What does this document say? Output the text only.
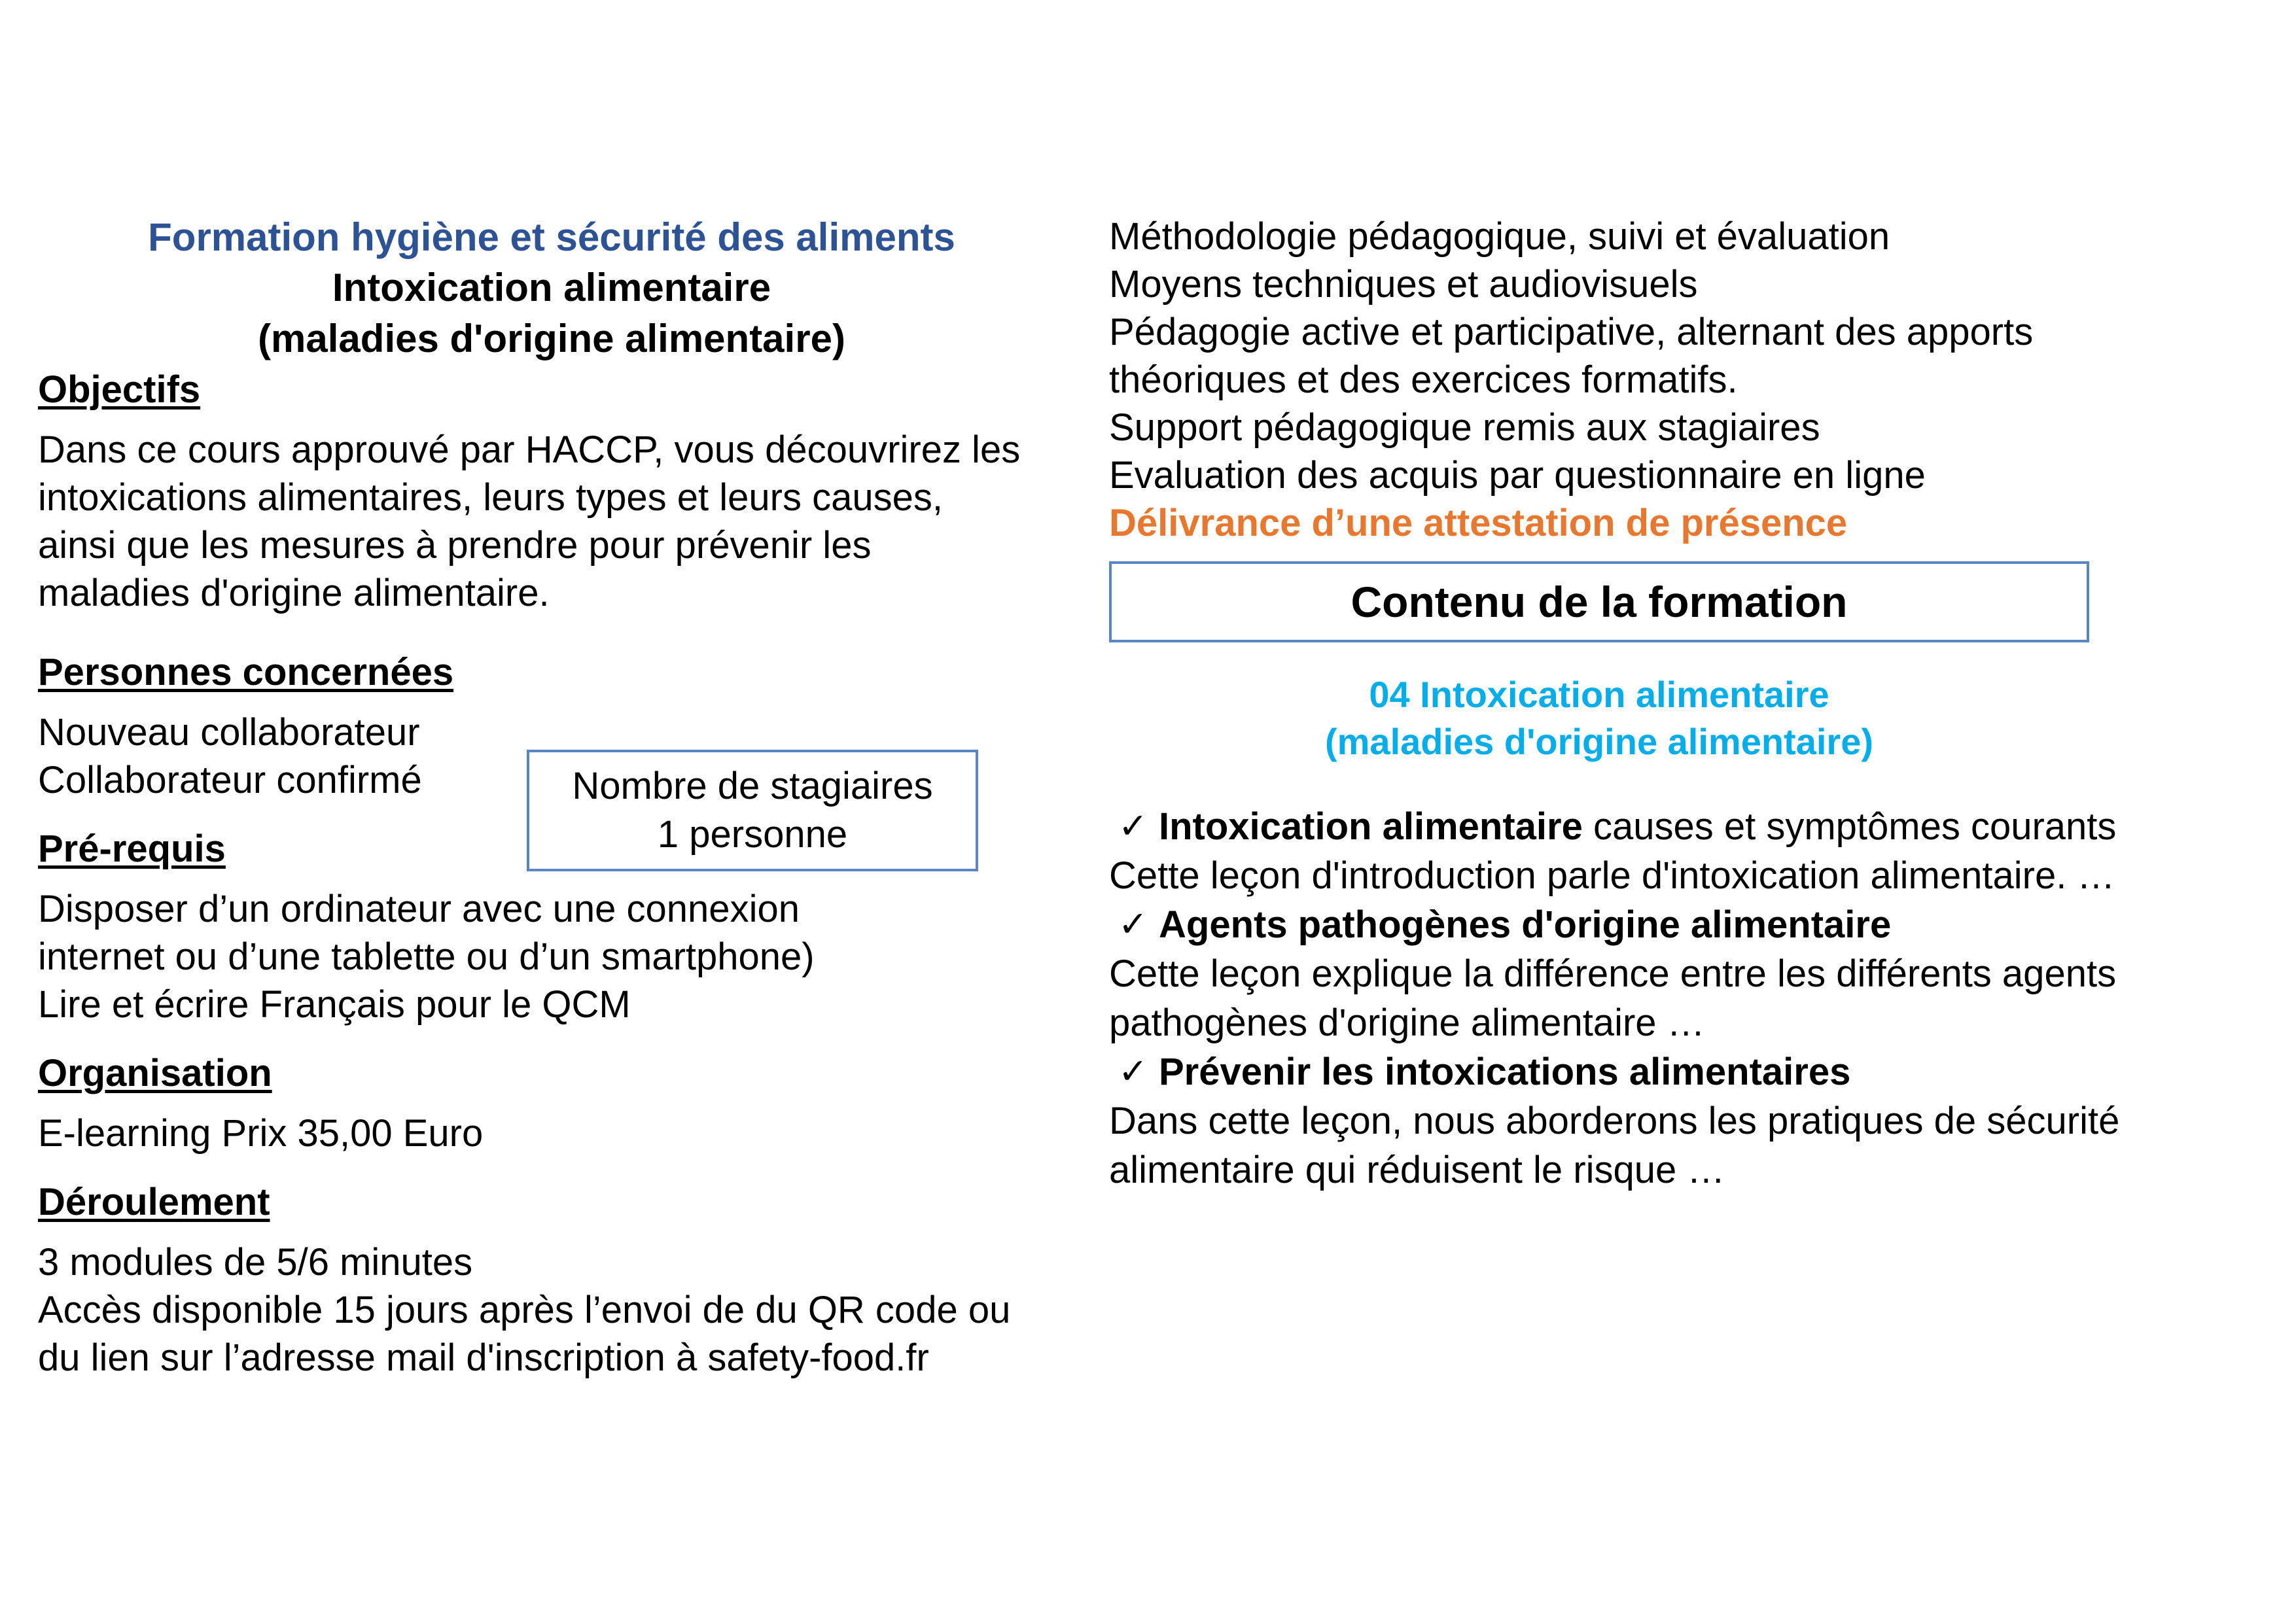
Formation hygiène et sécurité des aliments
Intoxication alimentaire
(maladies d'origine alimentaire)
Objectifs
Dans ce cours approuvé par HACCP, vous découvrirez les
intoxications alimentaires, leurs types et leurs causes,
ainsi que les mesures à prendre pour prévenir les
maladies d'origine alimentaire.
Personnes concernées
Nouveau collaborateur
Collaborateur confirmé
Pré-requis
Disposer d’un ordinateur avec une connexion
internet ou d’une tablette ou d’un smartphone)
Lire et écrire Français pour le QCM
Organisation
E-learning Prix 35,00 Euro
Déroulement
3 modules de 5/6 minutes
Accès disponible 15 jours après l’envoi de du QR code ou
du lien sur l’adresse mail d'inscription à safety-food.fr
Nombre de stagiaires
1 personne
Méthodologie pédagogique, suivi et évaluation
Moyens techniques et audiovisuels
Pédagogie active et participative, alternant des apports
théoriques et des exercices formatifs.
Support pédagogique remis aux stagiaires
Evaluation des acquis par questionnaire en ligne
Délivrance d’une attestation de présence
Contenu de la formation
04 Intoxication alimentaire
(maladies d'origine alimentaire)
✓ Intoxication alimentaire causes et symptômes courants
Cette leçon d'introduction parle d'intoxication alimentaire. …
✓ Agents pathogènes d'origine alimentaire
Cette leçon explique la différence entre les différents agents
pathogènes d'origine alimentaire …
✓ Prévenir les intoxications alimentaires
Dans cette leçon, nous aborderons les pratiques de sécurité
alimentaire qui réduisent le risque …
